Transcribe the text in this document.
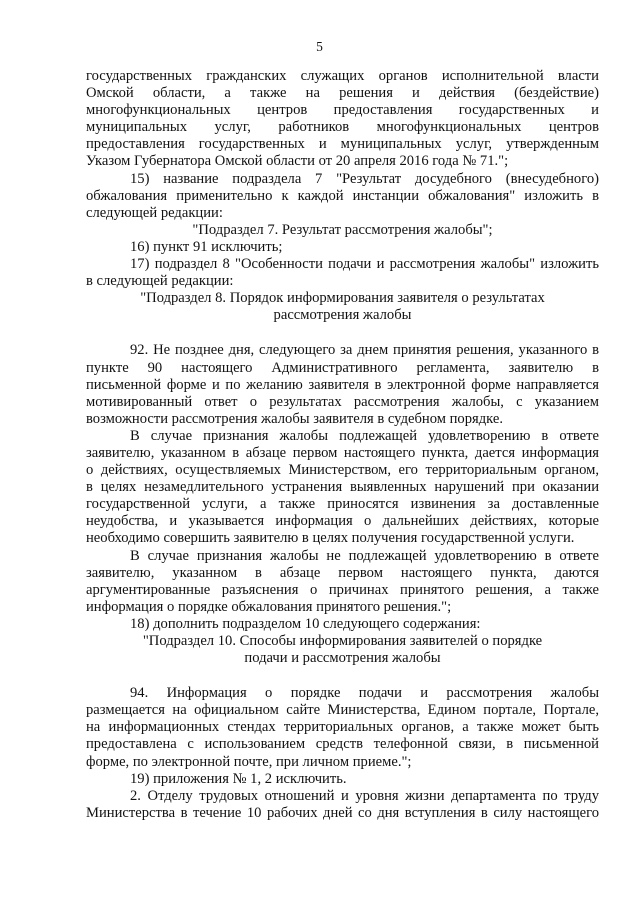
5
государственных гражданских служащих органов исполнительной власти
Омской области, а также на решения и действия (бездействие)
многофункциональных центров предоставления государственных и
муниципальных услуг, работников многофункциональных центров
предоставления государственных и муниципальных услуг, утвержденным
Указом Губернатора Омской области от 20 апреля 2016 года № 71.";
15) название подраздела 7 "Результат досудебного (внесудебного)
обжалования применительно к каждой инстанции обжалования" изложить в
следующей редакции:
"Подраздел 7. Результат рассмотрения жалобы";
16) пункт 91 исключить;
17) подраздел 8 "Особенности подачи и рассмотрения жалобы" изложить
в следующей редакции:
"Подраздел 8. Порядок информирования заявителя о результатах
рассмотрения жалобы
92. Не позднее дня, следующего за днем принятия решения, указанного в
пункте 90 настоящего Административного регламента, заявителю в
письменной форме и по желанию заявителя в электронной форме направляется
мотивированный ответ о результатах рассмотрения жалобы, с указанием
возможности рассмотрения жалобы заявителя в судебном порядке.
В случае признания жалобы подлежащей удовлетворению в ответе
заявителю, указанном в абзаце первом настоящего пункта, дается информация
о действиях, осуществляемых Министерством, его территориальным органом,
в целях незамедлительного устранения выявленных нарушений при оказании
государственной услуги, а также приносятся извинения за доставленные
неудобства, и указывается информация о дальнейших действиях, которые
необходимо совершить заявителю в целях получения государственной услуги.
В случае признания жалобы не подлежащей удовлетворению в ответе
заявителю, указанном в абзаце первом настоящего пункта, даются
аргументированные разъяснения о причинах принятого решения, а также
информация о порядке обжалования принятого решения.";
18) дополнить подразделом 10 следующего содержания:
"Подраздел 10. Способы информирования заявителей о порядке
подачи и рассмотрения жалобы
94. Информация о порядке подачи и рассмотрения жалобы
размещается на официальном сайте Министерства, Едином портале, Портале,
на информационных стендах территориальных органов, а также может быть
предоставлена с использованием средств телефонной связи, в письменной
форме, по электронной почте, при личном приеме.";
19) приложения № 1, 2 исключить.
2. Отделу трудовых отношений и уровня жизни департамента по труду
Министерства в течение 10 рабочих дней со дня вступления в силу настоящего
